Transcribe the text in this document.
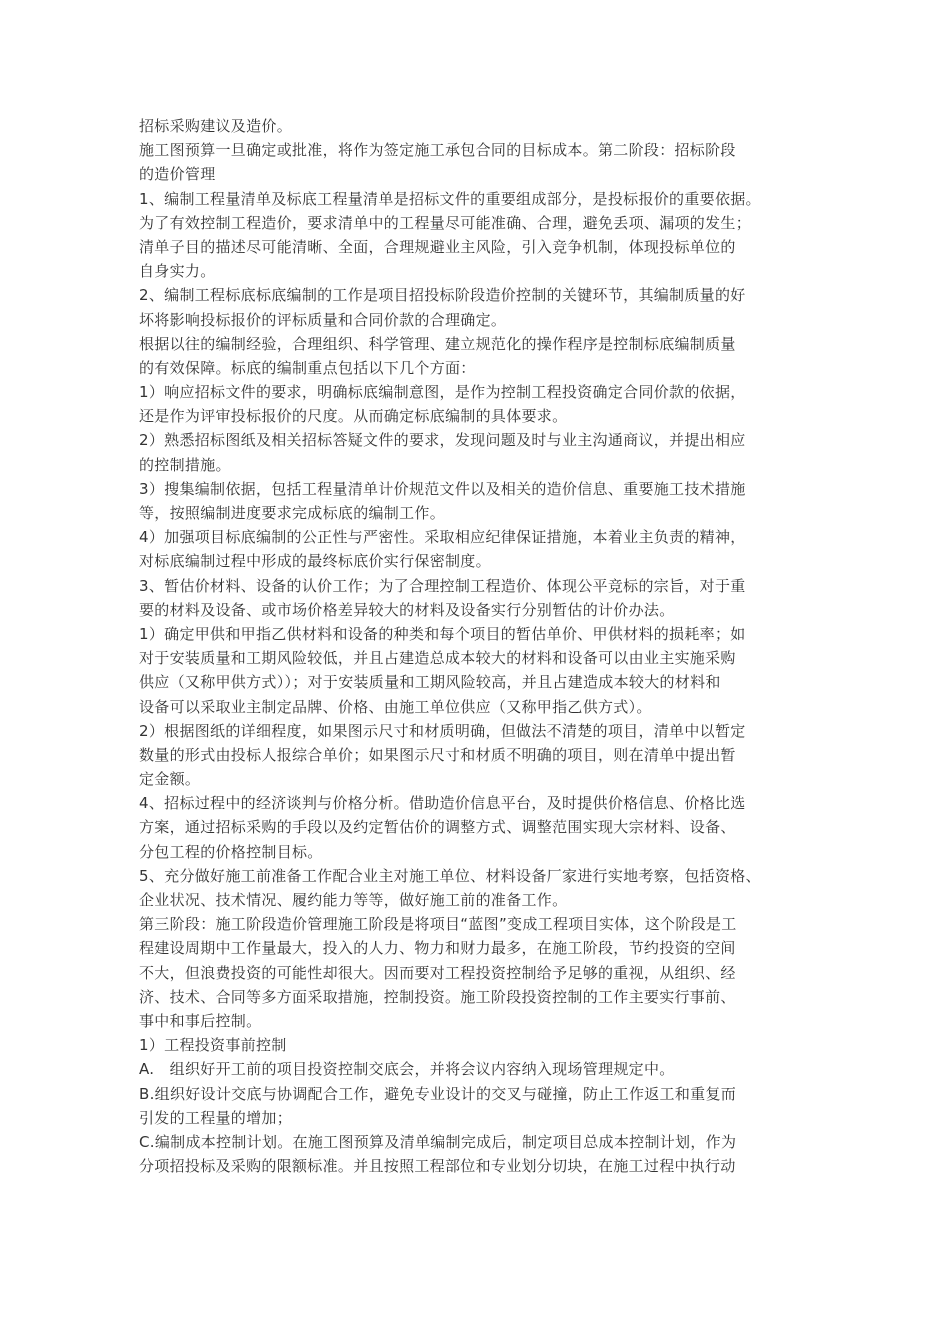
招标采购建议及造价。
施工图预算一旦确定或批准，将作为签定施工承包合同的目标成本。第二阶段：招标阶段
的造价管理
1、编制工程量清单及标底工程量清单是招标文件的重要组成部分，是投标报价的重要依据。
为了有效控制工程造价，要求清单中的工程量尽可能准确、合理，避免丢项、漏项的发生；
清单子目的描述尽可能清晰、全面，合理规避业主风险，引入竞争机制，体现投标单位的
自身实力。
2、编制工程标底标底编制的工作是项目招投标阶段造价控制的关键环节，其编制质量的好
坏将影响投标报价的评标质量和合同价款的合理确定。
根据以往的编制经验，合理组织、科学管理、建立规范化的操作程序是控制标底编制质量
的有效保障。标底的编制重点包括以下几个方面：
1）响应招标文件的要求，明确标底编制意图，是作为控制工程投资确定合同价款的依据，
还是作为评审投标报价的尺度。从而确定标底编制的具体要求。
2）熟悉招标图纸及相关招标答疑文件的要求，发现问题及时与业主沟通商议，并提出相应
的控制措施。
3）搜集编制依据，包括工程量清单计价规范文件以及相关的造价信息、重要施工技术措施
等，按照编制进度要求完成标底的编制工作。
4）加强项目标底编制的公正性与严密性。采取相应纪律保证措施，本着业主负责的精神，
对标底编制过程中形成的最终标底价实行保密制度。
3、暂估价材料、设备的认价工作；为了合理控制工程造价、体现公平竞标的宗旨，对于重
要的材料及设备、或市场价格差异较大的材料及设备实行分别暂估的计价办法。
1）确定甲供和甲指乙供材料和设备的种类和每个项目的暂估单价、甲供材料的损耗率；如
对于安装质量和工期风险较低，并且占建造总成本较大的材料和设备可以由业主实施采购
供应（又称甲供方式））；对于安装质量和工期风险较高，并且占建造成本较大的材料和
设备可以采取业主制定品牌、价格、由施工单位供应（又称甲指乙供方式）。
2）根据图纸的详细程度，如果图示尺寸和材质明确，但做法不清楚的项目，清单中以暂定
数量的形式由投标人报综合单价；如果图示尺寸和材质不明确的项目，则在清单中提出暂
定金额。
4、招标过程中的经济谈判与价格分析。借助造价信息平台，及时提供价格信息、价格比选
方案，通过招标采购的手段以及约定暂估价的调整方式、调整范围实现大宗材料、设备、
分包工程的价格控制目标。
5、充分做好施工前准备工作配合业主对施工单位、材料设备厂家进行实地考察，包括资格、
企业状况、技术情况、履约能力等等，做好施工前的准备工作。
第三阶段：施工阶段造价管理施工阶段是将项目“蓝图”变成工程项目实体，这个阶段是工
程建设周期中工作量最大，投入的人力、物力和财力最多，在施工阶段，节约投资的空间
不大，但浪费投资的可能性却很大。因而要对工程投资控制给予足够的重视，从组织、经
济、技术、合同等多方面采取措施，控制投资。施工阶段投资控制的工作主要实行事前、
事中和事后控制。
1）工程投资事前控制
A.　组织好开工前的项目投资控制交底会，并将会议内容纳入现场管理规定中。
B.组织好设计交底与协调配合工作，避免专业设计的交叉与碰撞，防止工作返工和重复而
引发的工程量的增加；
C.编制成本控制计划。在施工图预算及清单编制完成后，制定项目总成本控制计划，作为
分项招投标及采购的限额标准。并且按照工程部位和专业划分切块，在施工过程中执行动
